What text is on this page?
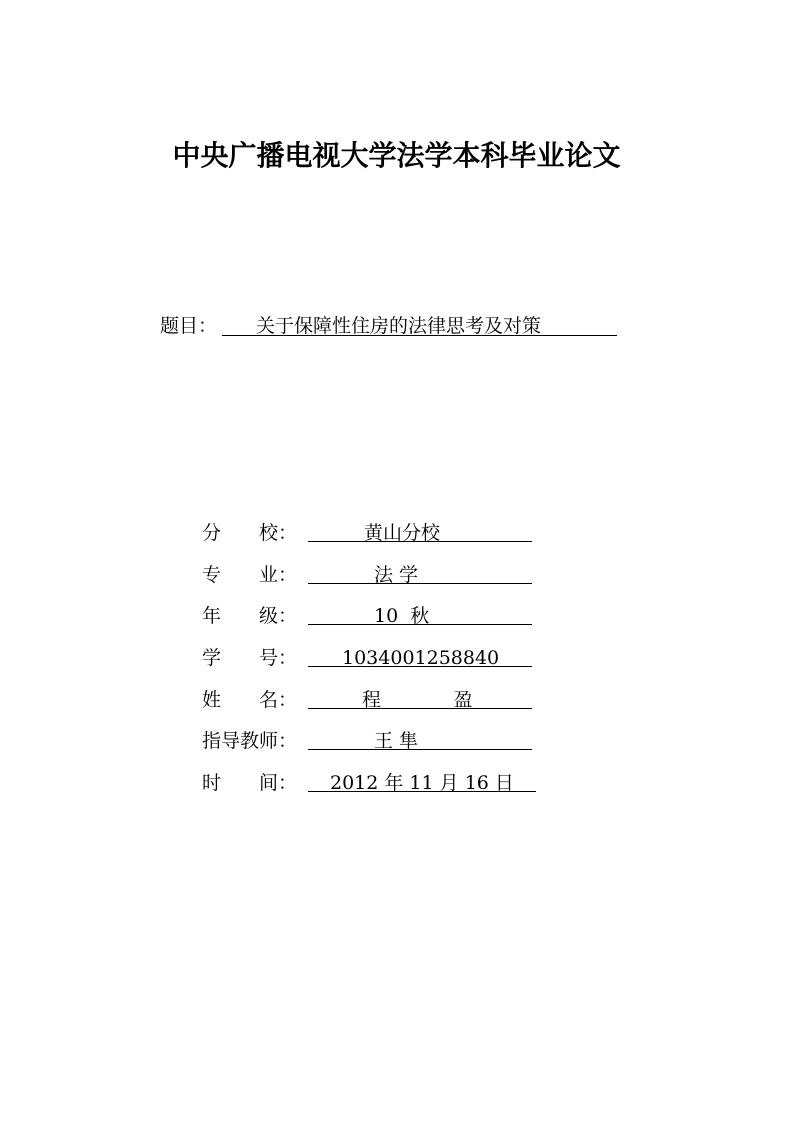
中央广播电视大学法学本科毕业论文
题目：	关于保障性住房的法律思考及对策
分　　校：	黄山分校
专　　业：	法 学
年　　级：	10  秋
学　　号：	1034001258840
姓　　名：	程            盈
指导教师：	王 隼
时　　间：	2012 年 11 月 16 日
